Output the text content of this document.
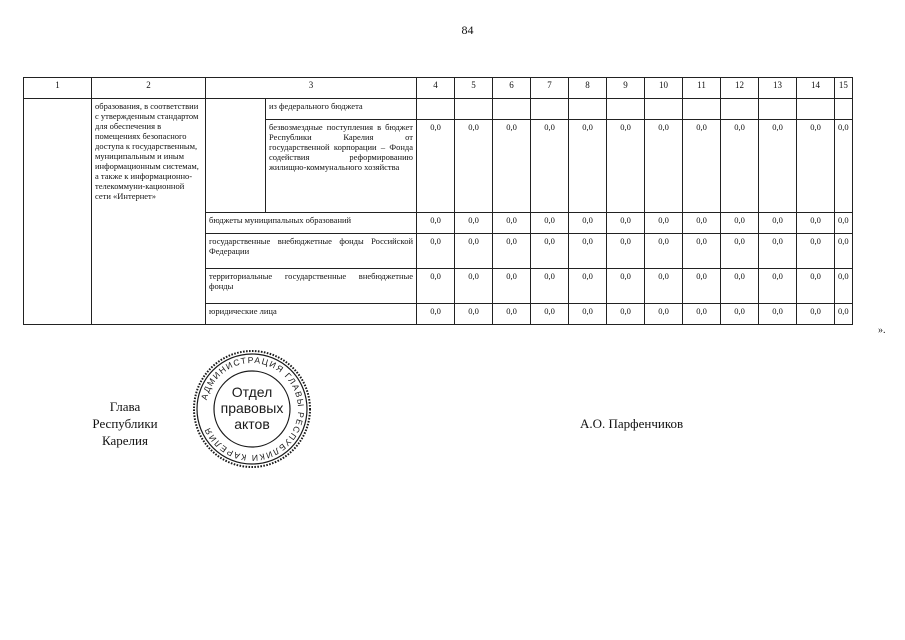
84
1	2	3		4	5	6	7	8	9	10	11	12	13	14	15
	образования, в соответствии с утвержденным стандартом для обеспечения в помещениях безопасного доступа к государственным, муниципальным и иным информационным системам, а также к информационно-телекоммуни-кационной сети «Интернет»		из федерального бюджета												
			безвозмездные поступления в бюджет Республики Карелия от государственной корпорации – Фонда содействия реформированию жилищно-коммунального хозяйства	0,0	0,0	0,0	0,0	0,0	0,0	0,0	0,0	0,0	0,0	0,0	0,0
		бюджеты муниципальных образований		0,0	0,0	0,0	0,0	0,0	0,0	0,0	0,0	0,0	0,0	0,0	0,0
		государственные внебюджетные фонды Российской Федерации		0,0	0,0	0,0	0,0	0,0	0,0	0,0	0,0	0,0	0,0	0,0	0,0
		территориальные государственные внебюджетные фонды		0,0	0,0	0,0	0,0	0,0	0,0	0,0	0,0	0,0	0,0	0,0	0,0
		юридические лица		0,0	0,0	0,0	0,0	0,0	0,0	0,0	0,0	0,0	0,0	0,0	0,0
».
Глава
Республики Карелия
АДМИНИСТРАЦИЯ ГЛАВЫ РЕСПУБЛИКИ КАРЕЛИЯ
Отдел
правовых
актов	А.О. Парфенчиков
